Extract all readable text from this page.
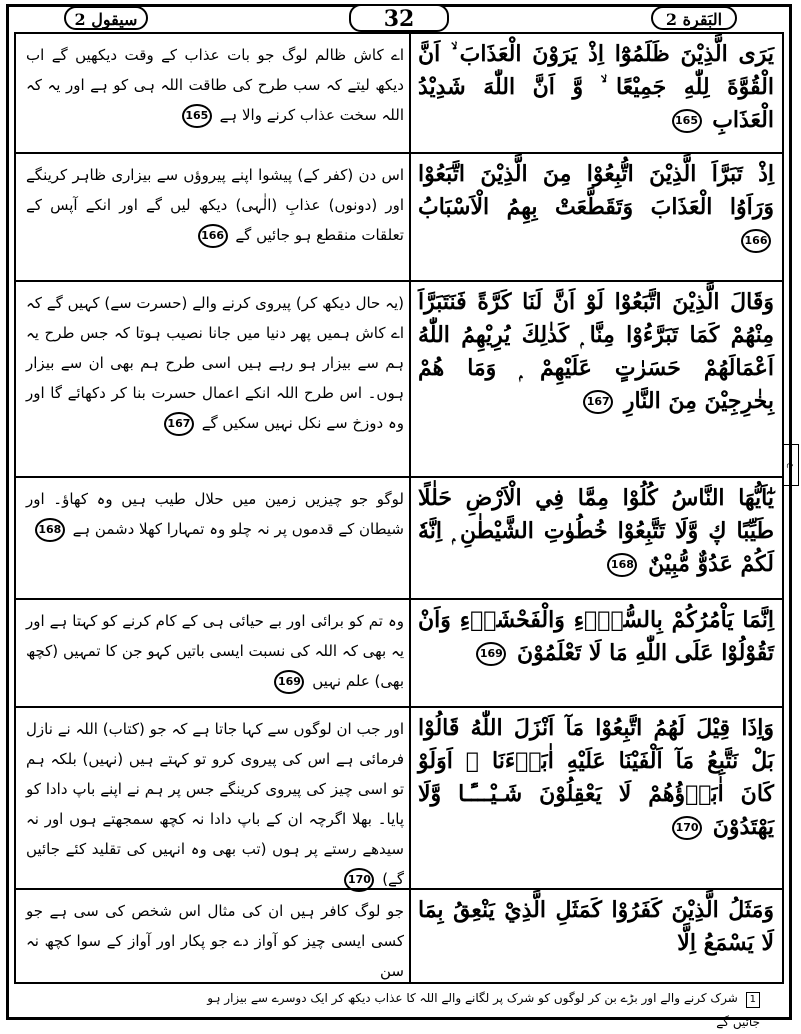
سیقول 2	32	البَقرة 2
ع
يَرَى الَّذِيْنَ ظَلَمُوْٓا اِذْ يَرَوْنَ الْعَذَابَ ۙ اَنَّ الْقُوَّةَ لِلّٰهِ جَمِيْعًا ۙ وَّ اَنَّ اللّٰهَ شَدِيْدُ الْعَذَابِ 165
اے کاش ظالم لوگ جو بات عذاب کے وقت دیکھیں گے اب دیکھ لیتے کہ سب طرح کی طاقت اللہ ہی کو ہے اور یہ کہ اللہ سخت عذاب کرنے والا ہے 165
اِذْ تَبَرَّاَ الَّذِيْنَ اتُّبِعُوْا مِنَ الَّذِيْنَ اتَّبَعُوْا وَرَاَوُا الْعَذَابَ وَتَقَطَّعَتْ بِهِمُ الْاَسْبَابُ 166
اس دن (کفر کے) پیشوا اپنے پیروؤں سے بیزاری ظاہر کرینگے اور (دونوں) عذابِ (الٰہی) دیکھ لیں گے اور انکے آپس کے تعلقات منقطع ہو جائیں گے 166
وَقَالَ الَّذِيْنَ اتَّبَعُوْا لَوْ اَنَّ لَنَا كَرَّةً فَنَتَبَرَّاَ مِنْهُمْ كَمَا تَبَرَّءُوْا مِنَّا ۭ كَذٰلِكَ يُرِيْهِمُ اللّٰهُ اَعْمَالَهُمْ حَسَرٰتٍ عَلَيْهِمْ ۭ وَمَا هُمْ بِخٰرِجِيْنَ مِنَ النَّارِ 167
(یہ حال دیکھ کر) پیروی کرنے والے (حسرت سے) کہیں گے کہ اے کاش ہمیں پھر دنیا میں جانا نصیب ہوتا کہ جس طرح یہ ہم سے بیزار ہو رہے ہیں اسی طرح ہم بھی ان سے بیزار ہوں۔ اس طرح اللہ انکے اعمال حسرت بنا کر دکھائے گا اور وہ دوزخ سے نکل نہیں سکیں گے 167
يٰٓاَيُّهَا النَّاسُ كُلُوْا مِمَّا فِي الْاَرْضِ حَلٰلًا طَيِّبًا ڮ وَّلَا تَتَّبِعُوْا خُطُوٰتِ الشَّيْطٰنِ ۭ اِنَّهٗ لَكُمْ عَدُوٌّ مُّبِيْنٌ 168
لوگو جو چیزیں زمین میں حلال طیب ہیں وہ کھاؤ۔ اور شیطان کے قدموں پر نہ چلو وہ تمہارا کھلا دشمن ہے 168
اِنَّمَا يَاْمُرُكُمْ بِالسُّوْۗءِ وَالْفَحْشَاۗءِ وَاَنْ تَقُوْلُوْا عَلَى اللّٰهِ مَا لَا تَعْلَمُوْنَ 169
وہ تم کو برائی اور بے حیائی ہی کے کام کرنے کو کہتا ہے اور یہ بھی کہ اللہ کی نسبت ایسی باتیں کہو جن کا تمہیں (کچھ بھی) علم نہیں 169
وَاِذَا قِيْلَ لَهُمُ اتَّبِعُوْا مَآ اَنْزَلَ اللّٰهُ قَالُوْا بَلْ نَتَّبِعُ مَآ اَلْفَيْنَا عَلَيْهِ اٰبَاۗءَنَا ۭ اَوَلَوْ كَانَ اٰبَاۗؤُھُمْ لَا يَعْقِلُوْنَ شَـيْـــًٔـا وَّلَا يَهْتَدُوْنَ 170
اور جب ان لوگوں سے کہا جاتا ہے کہ جو (کتاب) اللہ نے نازل فرمائی ہے اس کی پیروی کرو تو کہتے ہیں (نہیں) بلکہ ہم تو اسی چیز کی پیروی کرینگے جس پر ہم نے اپنے باپ دادا کو پایا۔ بھلا اگرچہ ان کے باپ دادا نہ کچھ سمجھتے ہوں اور نہ سیدھے رستے پر ہوں (تب بھی وہ انہیں کی تقلید کئے جائیں گے) 170
وَمَثَلُ الَّذِيْنَ كَفَرُوْا كَمَثَلِ الَّذِيْ يَنْعِقُ بِمَا لَا يَسْمَعُ اِلَّا
جو لوگ کافر ہیں ان کی مثال اس شخص کی سی ہے جو کسی ایسی چیز کو آواز دے جو پکار اور آواز کے سوا کچھ نہ سن
1 شرک کرنے والے اور بڑے بن کر لوگوں کو شرک پر لگانے والے اللہ کا عذاب دیکھ کر ایک دوسرے سے بیزار ہو جائیں گے
